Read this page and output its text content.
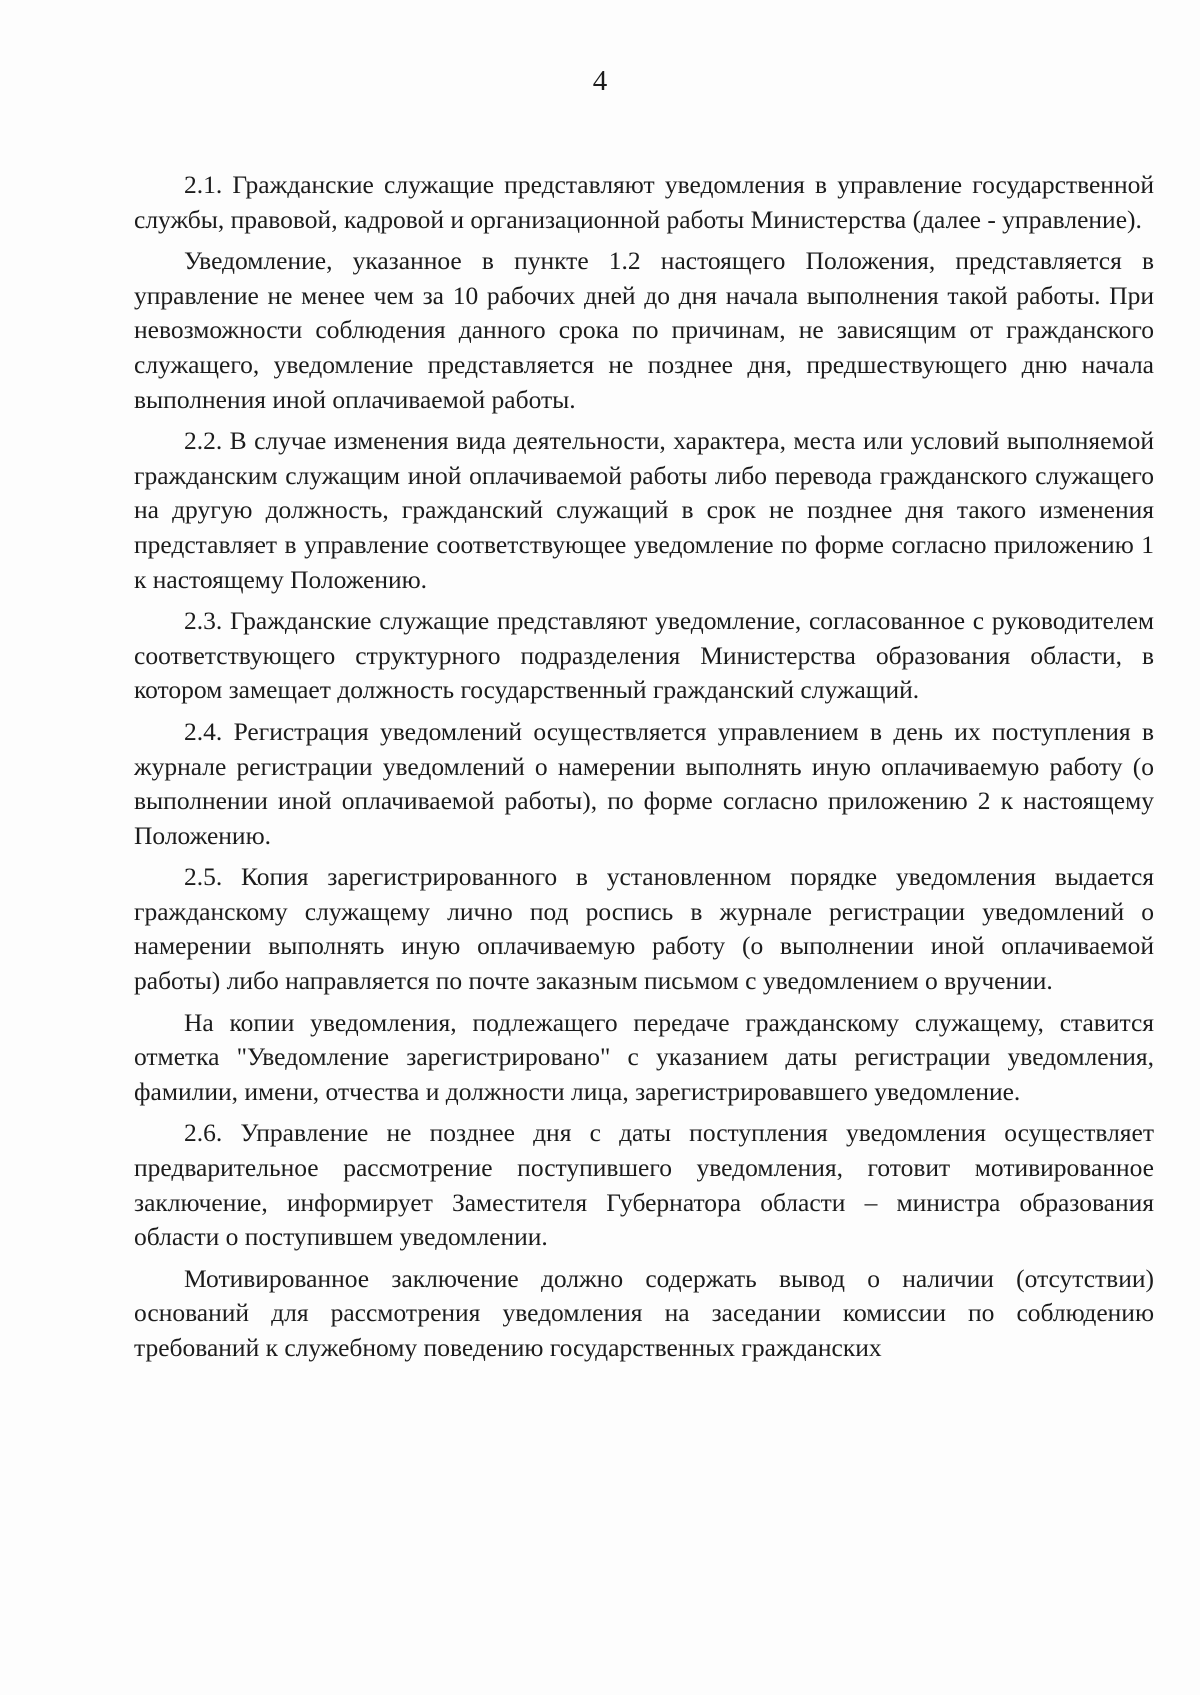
4

2.1. Гражданские служащие представляют уведомления в управление государственной службы, правовой, кадровой и организационной работы Министерства (далее - управление).

Уведомление, указанное в пункте 1.2 настоящего Положения, представляется в управление не менее чем за 10 рабочих дней до дня начала выполнения такой работы. При невозможности соблюдения данного срока по причинам, не зависящим от гражданского служащего, уведомление представляется не позднее дня, предшествующего дню начала выполнения иной оплачиваемой работы.

2.2. В случае изменения вида деятельности, характера, места или условий выполняемой гражданским служащим иной оплачиваемой работы либо перевода гражданского служащего на другую должность, гражданский служащий в срок не позднее дня такого изменения представляет в управление соответствующее уведомление по форме согласно приложению 1 к настоящему Положению.

2.3. Гражданские служащие представляют уведомление, согласованное с руководителем соответствующего структурного подразделения Министерства образования области, в котором замещает должность государственный гражданский служащий.

2.4. Регистрация уведомлений осуществляется управлением в день их поступления в журнале регистрации уведомлений о намерении выполнять иную оплачиваемую работу (о выполнении иной оплачиваемой работы), по форме согласно приложению 2 к настоящему Положению.

2.5. Копия зарегистрированного в установленном порядке уведомления выдается гражданскому служащему лично под роспись в журнале регистрации уведомлений о намерении выполнять иную оплачиваемую работу (о выполнении иной оплачиваемой работы) либо направляется по почте заказным письмом с уведомлением о вручении.

На копии уведомления, подлежащего передаче гражданскому служащему, ставится отметка "Уведомление зарегистрировано" с указанием даты регистрации уведомления, фамилии, имени, отчества и должности лица, зарегистрировавшего уведомление.

2.6. Управление не позднее дня с даты поступления уведомления осуществляет предварительное рассмотрение поступившего уведомления, готовит мотивированное заключение, информирует Заместителя Губернатора области – министра образования области о поступившем уведомлении.

Мотивированное заключение должно содержать вывод о наличии (отсутствии) оснований для рассмотрения уведомления на заседании комиссии по соблюдению требований к служебному поведению государственных гражданских
